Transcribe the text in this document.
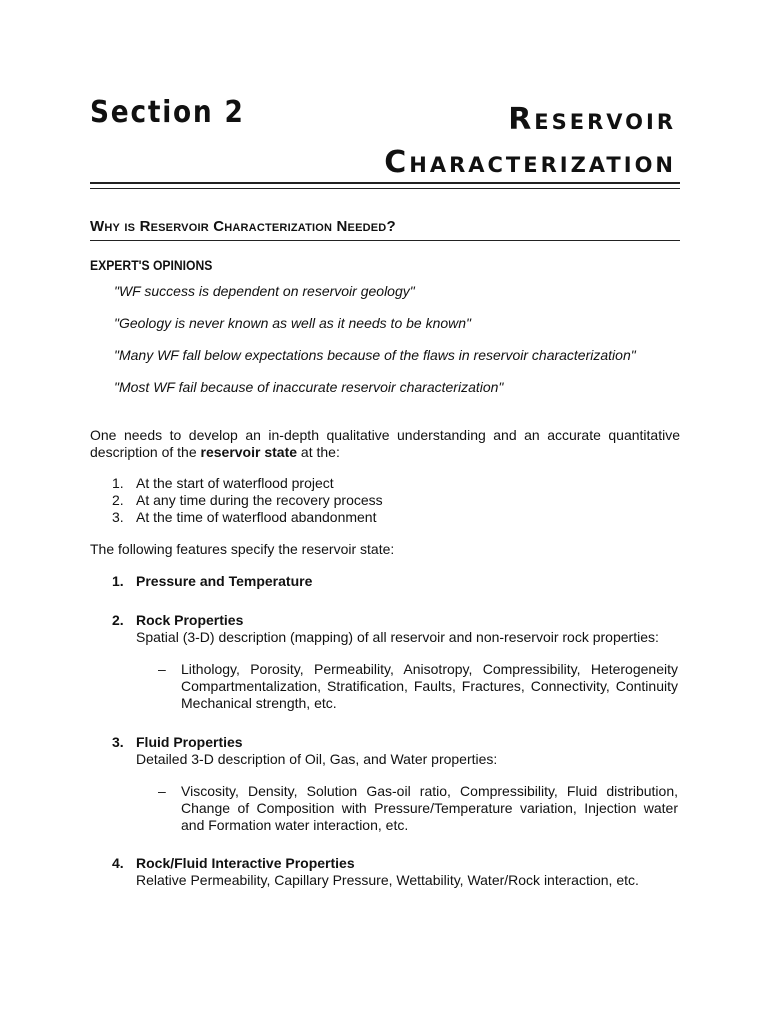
Section 2	Reservoir
Characterization
Why is Reservoir Characterization Needed?
EXPERT'S OPINIONS
"WF success is dependent on reservoir geology"
"Geology is never known as well as it needs to be known"
"Many WF fall below expectations because of the flaws in reservoir characterization"
"Most WF fail because of inaccurate reservoir characterization"
One needs to develop an in-depth qualitative understanding and an accurate quantitative description of the reservoir state at the:
1. At the start of waterflood project
2. At any time during the recovery process
3. At the time of waterflood abandonment
The following features specify the reservoir state:
1. Pressure and Temperature
2. Rock Properties
Spatial (3-D) description (mapping) of all reservoir and non-reservoir rock properties:
– Lithology, Porosity, Permeability, Anisotropy, Compressibility, Heterogeneity Compartmentalization, Stratification, Faults, Fractures, Connectivity, Continuity Mechanical strength, etc.
3. Fluid Properties
Detailed 3-D description of Oil, Gas, and Water properties:
– Viscosity, Density, Solution Gas-oil ratio, Compressibility, Fluid distribution, Change of Composition with Pressure/Temperature variation, Injection water and Formation water interaction, etc.
4. Rock/Fluid Interactive Properties
Relative Permeability, Capillary Pressure, Wettability, Water/Rock interaction, etc.
